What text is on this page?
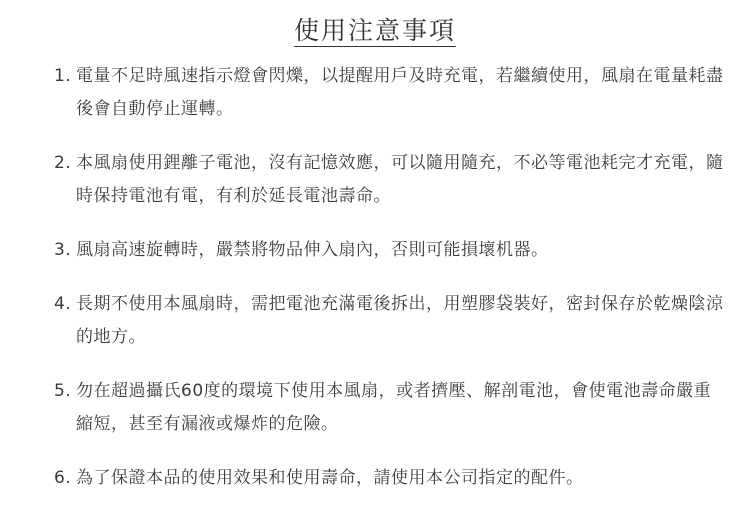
使用注意事項
1. 電量不足時風速指示燈會閃爍，以提醒用戶及時充電，若繼續使用，風扇在電量耗盡後會自動停止運轉。
2. 本風扇使用鋰離子電池，沒有記憶效應，可以隨用隨充，不必等電池耗完才充電，隨時保持電池有電，有利於延長電池壽命。
3. 風扇高速旋轉時，嚴禁將物品伸入扇內，否則可能損壞机器。
4. 長期不使用本風扇時，需把電池充滿電後拆出，用塑膠袋裝好，密封保存於乾燥陰涼的地方。
5. 勿在超過攝氏60度的環境下使用本風扇，或者擠壓、解剖電池，會使電池壽命嚴重縮短，甚至有漏液或爆炸的危險。
6. 為了保證本品的使用效果和使用壽命，請使用本公司指定的配件。
